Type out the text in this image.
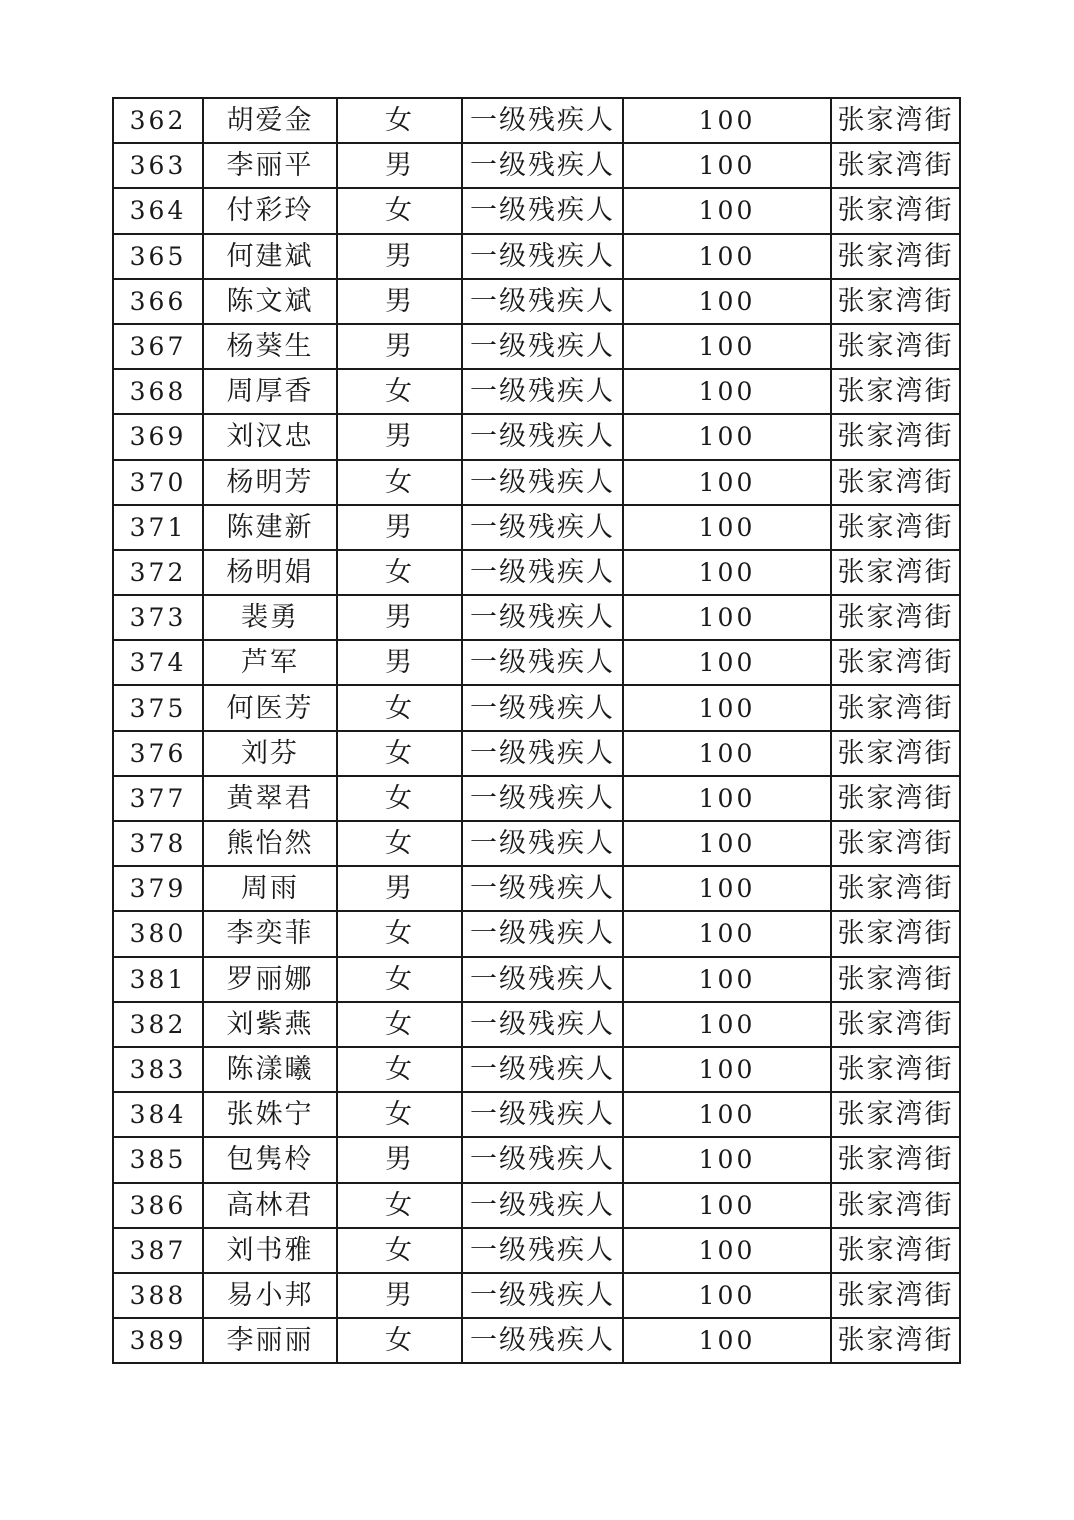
362	胡爱金	女	一级残疾人	100	张家湾街
363	李丽平	男	一级残疾人	100	张家湾街
364	付彩玲	女	一级残疾人	100	张家湾街
365	何建斌	男	一级残疾人	100	张家湾街
366	陈文斌	男	一级残疾人	100	张家湾街
367	杨葵生	男	一级残疾人	100	张家湾街
368	周厚香	女	一级残疾人	100	张家湾街
369	刘汉忠	男	一级残疾人	100	张家湾街
370	杨明芳	女	一级残疾人	100	张家湾街
371	陈建新	男	一级残疾人	100	张家湾街
372	杨明娟	女	一级残疾人	100	张家湾街
373	裴勇	男	一级残疾人	100	张家湾街
374	芦军	男	一级残疾人	100	张家湾街
375	何医芳	女	一级残疾人	100	张家湾街
376	刘芬	女	一级残疾人	100	张家湾街
377	黄翠君	女	一级残疾人	100	张家湾街
378	熊怡然	女	一级残疾人	100	张家湾街
379	周雨	男	一级残疾人	100	张家湾街
380	李奕菲	女	一级残疾人	100	张家湾街
381	罗丽娜	女	一级残疾人	100	张家湾街
382	刘紫燕	女	一级残疾人	100	张家湾街
383	陈漾曦	女	一级残疾人	100	张家湾街
384	张姝宁	女	一级残疾人	100	张家湾街
385	包隽柃	男	一级残疾人	100	张家湾街
386	高林君	女	一级残疾人	100	张家湾街
387	刘书雅	女	一级残疾人	100	张家湾街
388	易小邦	男	一级残疾人	100	张家湾街
389	李丽丽	女	一级残疾人	100	张家湾街
